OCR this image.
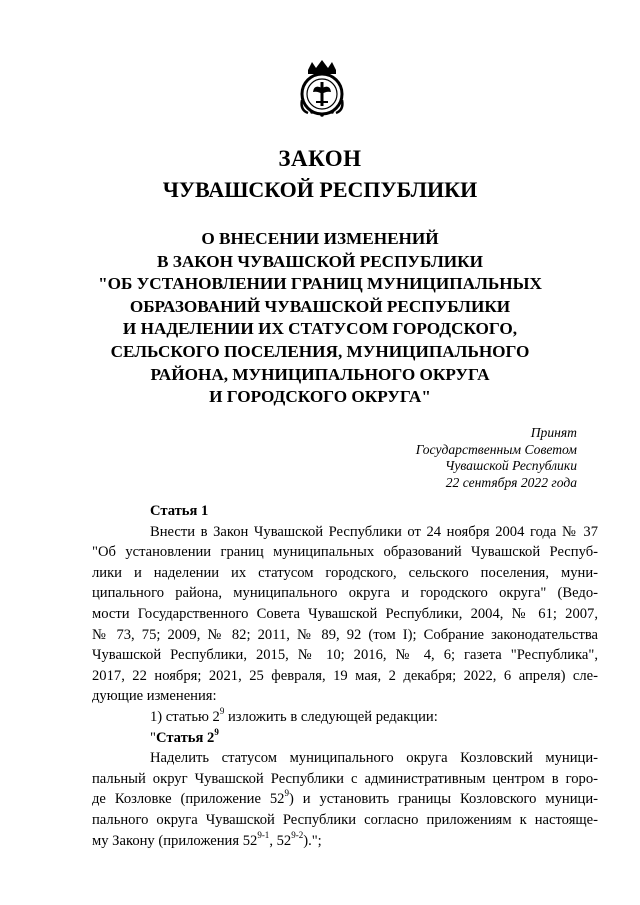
ЗАКОН
ЧУВАШСКОЙ РЕСПУБЛИКИ
О ВНЕСЕНИИ ИЗМЕНЕНИЙ
В ЗАКОН ЧУВАШСКОЙ РЕСПУБЛИКИ
"ОБ УСТАНОВЛЕНИИ ГРАНИЦ МУНИЦИПАЛЬНЫХ
ОБРАЗОВАНИЙ ЧУВАШСКОЙ РЕСПУБЛИКИ
И НАДЕЛЕНИИ ИХ СТАТУСОМ ГОРОДСКОГО,
СЕЛЬСКОГО ПОСЕЛЕНИЯ, МУНИЦИПАЛЬНОГО
РАЙОНА, МУНИЦИПАЛЬНОГО ОКРУГА
И ГОРОДСКОГО ОКРУГА"
Принят
Государственным Советом
Чувашской Республики
22 сентября 2022 года
Статья 1
Внести в Закон Чувашской Республики от 24 ноября 2004 года № 37
"Об установлении границ муниципальных образований Чувашской Респуб-
лики и наделении их статусом городского, сельского поселения, муни-
ципального района, муниципального округа и городского округа" (Ведо-
мости Государственного Совета Чувашской Республики, 2004, № 61; 2007,
№ 73, 75; 2009, № 82; 2011, № 89, 92 (том I); Собрание законодательства
Чувашской Республики, 2015, № 10; 2016, № 4, 6; газета "Республика",
2017, 22 ноября; 2021, 25 февраля, 19 мая, 2 декабря; 2022, 6 апреля) сле-
дующие изменения:
1) статью $2^9$ изложить в следующей редакции:
"Статья $2^9$
Наделить статусом муниципального округа Козловский муници-
пальный округ Чувашской Республики с административным центром в горо-
де Козловке (приложение $52^9$) и установить границы Козловского муници-
пального округа Чувашской Республики согласно приложениям к настояще-
му Закону (приложения 52$^{9-1}$, 52$^{9-2}$).";
